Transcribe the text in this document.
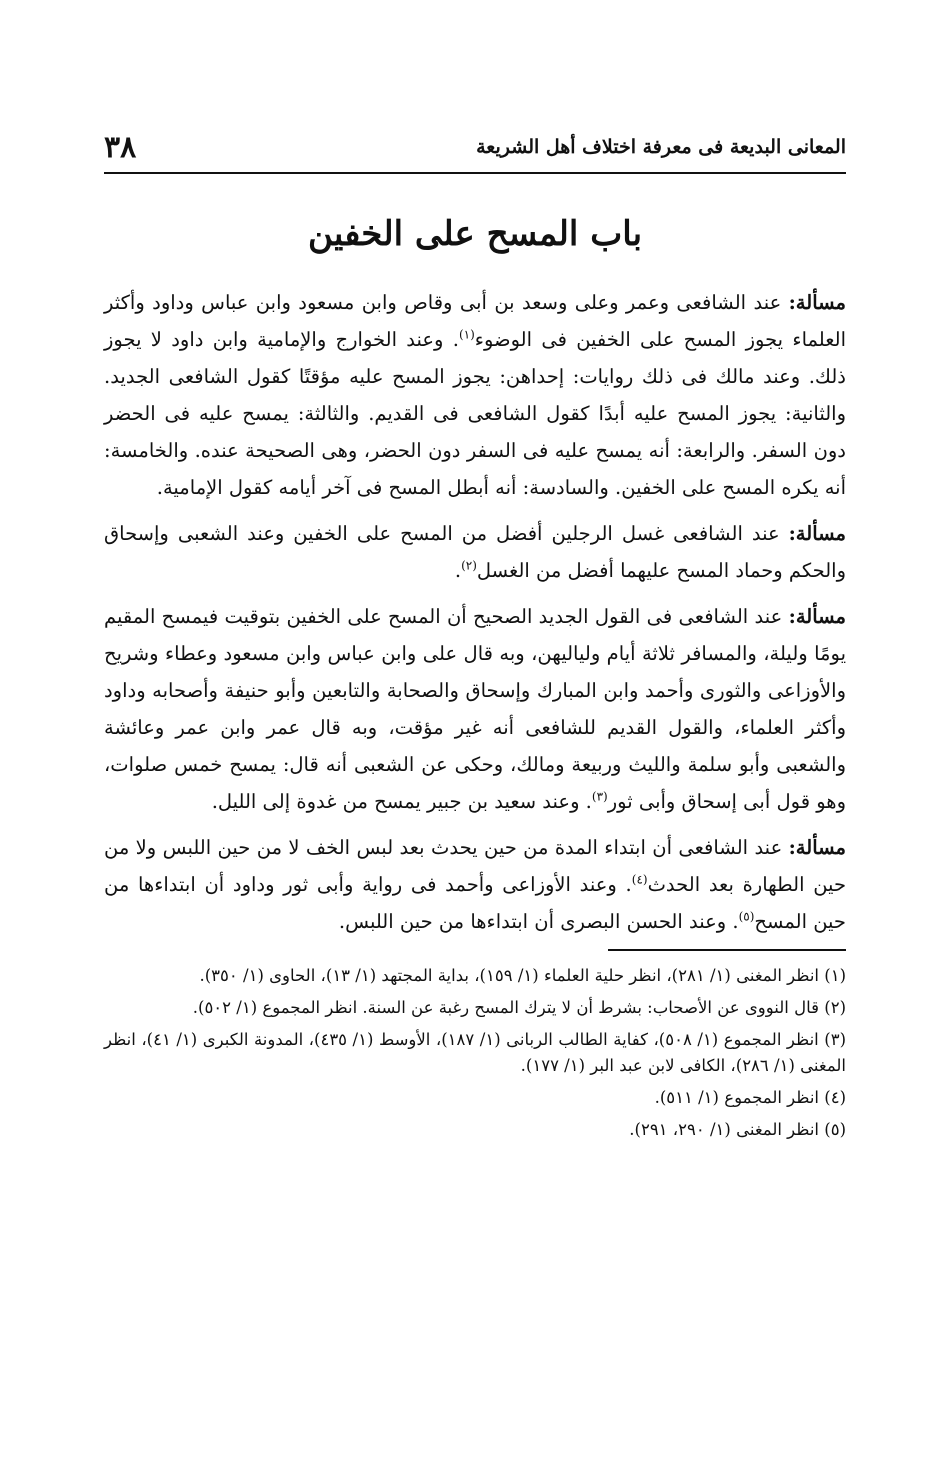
المعانى البديعة فى معرفة اختلاف أهل الشريعة
٣٨
باب المسح على الخفين

مسألة: عند الشافعى وعمر وعلى وسعد بن أبى وقاص وابن مسعود وابن عباس وداود وأكثر العلماء يجوز المسح على الخفين فى الوضوء$^{(١)}$. وعند الخوارج والإمامية وابن داود لا يجوز ذلك. وعند مالك فى ذلك روايات: إحداهن: يجوز المسح عليه مؤقتًا كقول الشافعى الجديد. والثانية: يجوز المسح عليه أبدًا كقول الشافعى فى القديم. والثالثة: يمسح عليه فى الحضر دون السفر. والرابعة: أنه يمسح عليه فى السفر دون الحضر، وهى الصحيحة عنده. والخامسة: أنه يكره المسح على الخفين. والسادسة: أنه أبطل المسح فى آخر أيامه كقول الإمامية.

مسألة: عند الشافعى غسل الرجلين أفضل من المسح على الخفين وعند الشعبى وإسحاق والحكم وحماد المسح عليهما أفضل من الغسل$^{(٢)}$.

مسألة: عند الشافعى فى القول الجديد الصحيح أن المسح على الخفين بتوقيت فيمسح المقيم يومًا وليلة، والمسافر ثلاثة أيام ولياليهن، وبه قال على وابن عباس وابن مسعود وعطاء وشريح والأوزاعى والثورى وأحمد وابن المبارك وإسحاق والصحابة والتابعين وأبو حنيفة وأصحابه وداود وأكثر العلماء، والقول القديم للشافعى أنه غير مؤقت، وبه قال عمر وابن عمر وعائشة والشعبى وأبو سلمة والليث وربيعة ومالك، وحكى عن الشعبى أنه قال: يمسح خمس صلوات، وهو قول أبى إسحاق وأبى ثور$^{(٣)}$. وعند سعيد بن جبير يمسح من غدوة إلى الليل.

مسألة: عند الشافعى أن ابتداء المدة من حين يحدث بعد لبس الخف لا من حين اللبس ولا من حين الطهارة بعد الحدث$^{(٤)}$. وعند الأوزاعى وأحمد فى رواية وأبى ثور وداود أن ابتداءها من حين المسح$^{(٥)}$. وعند الحسن البصرى أن ابتداءها من حين اللبس.

(١) انظر المغنى (١/ ٢٨١)، انظر حلية العلماء (١/ ١٥٩)، بداية المجتهد (١/ ١٣)، الحاوى (١/ ٣٥٠).

(٢) قال النووى عن الأصحاب: بشرط أن لا يترك المسح رغبة عن السنة. انظر المجموع (١/ ٥٠٢).

(٣) انظر المجموع (١/ ٥٠٨)، كفاية الطالب الربانى (١/ ١٨٧)، الأوسط (١/ ٤٣٥)، المدونة الكبرى (١/ ٤١)، انظر المغنى (١/ ٢٨٦)، الكافى لابن عبد البر (١/ ١٧٧).

(٤) انظر المجموع (١/ ٥١١).

(٥) انظر المغنى (١/ ٢٩٠، ٢٩١).
